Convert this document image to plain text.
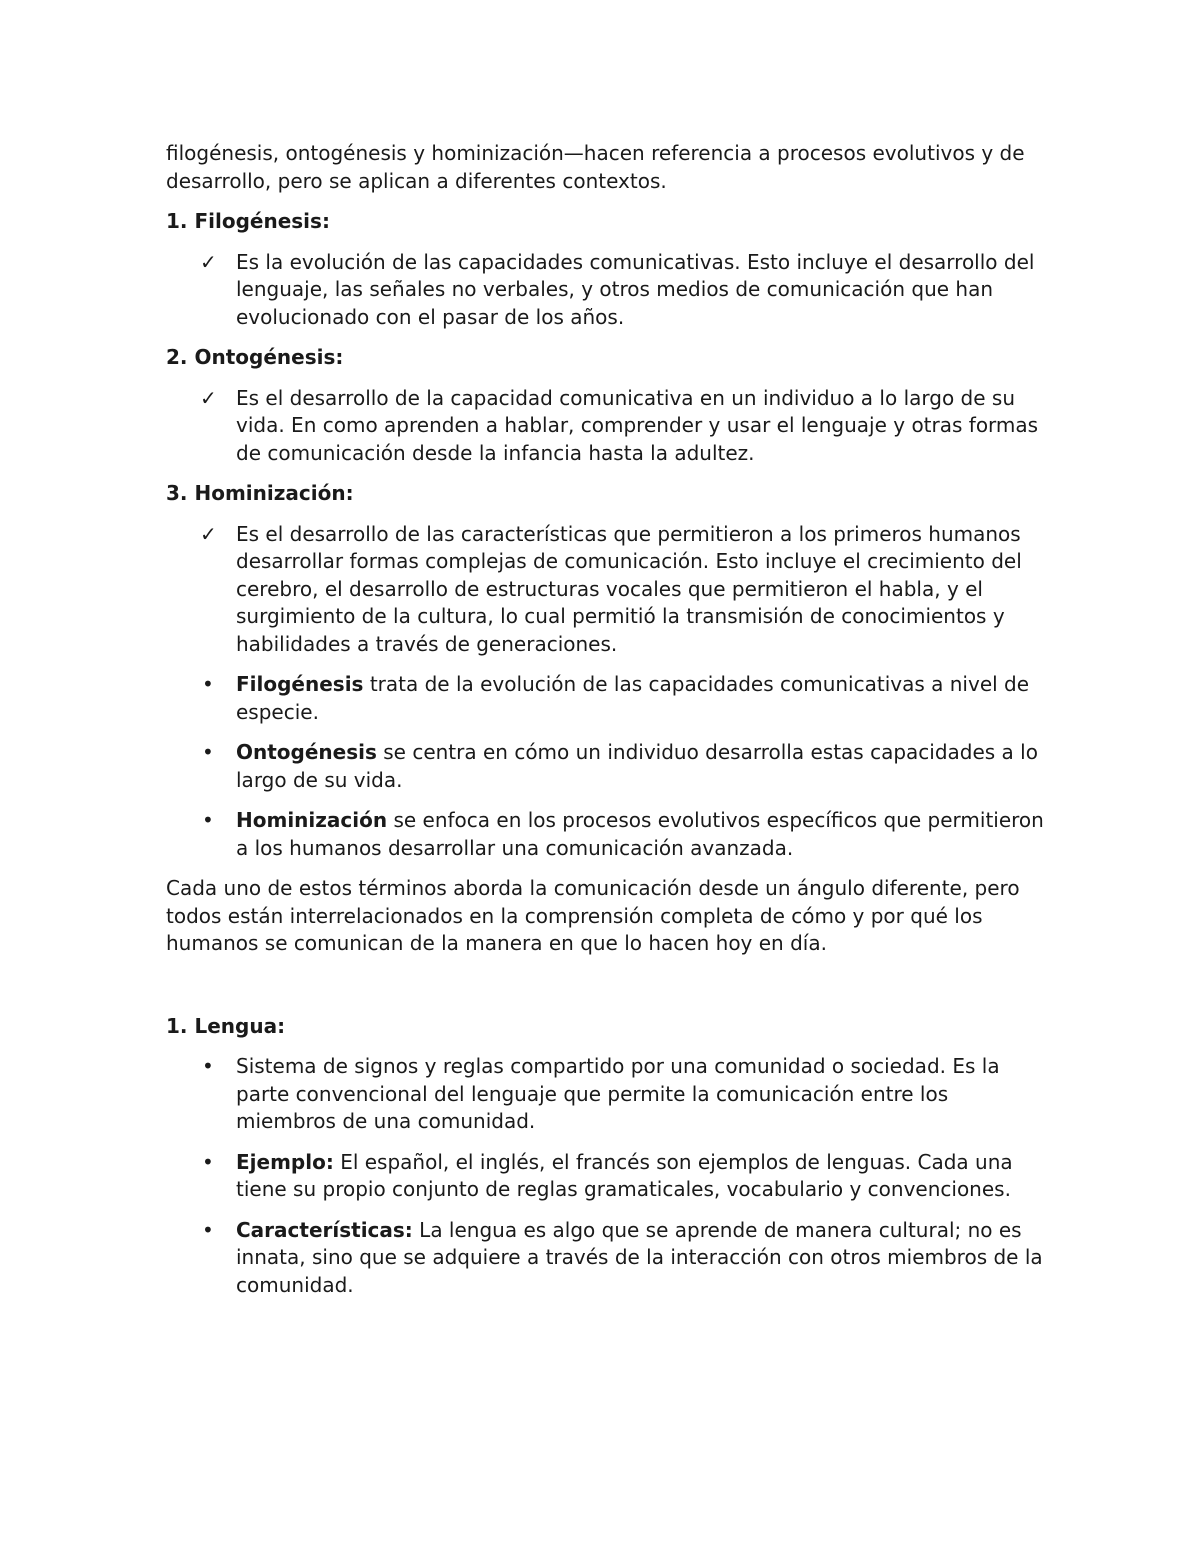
filogénesis, ontogénesis y hominización—hacen referencia a procesos evolutivos y de desarrollo, pero se aplican a diferentes contextos.

1. Filogénesis:

✓ Es la evolución de las capacidades comunicativas. Esto incluye el desarrollo del lenguaje, las señales no verbales, y otros medios de comunicación que han evolucionado con el pasar de los años.

2. Ontogénesis:

✓ Es el desarrollo de la capacidad comunicativa en un individuo a lo largo de su vida. En como aprenden a hablar, comprender y usar el lenguaje y otras formas de comunicación desde la infancia hasta la adultez.

3. Hominización:

✓ Es el desarrollo de las características que permitieron a los primeros humanos desarrollar formas complejas de comunicación. Esto incluye el crecimiento del cerebro, el desarrollo de estructuras vocales que permitieron el habla, y el surgimiento de la cultura, lo cual permitió la transmisión de conocimientos y habilidades a través de generaciones.
•	Filogénesis trata de la evolución de las capacidades comunicativas a nivel de especie.
•	Ontogénesis se centra en cómo un individuo desarrolla estas capacidades a lo largo de su vida.
•	Hominización se enfoca en los procesos evolutivos específicos que permitieron a los humanos desarrollar una comunicación avanzada.

Cada uno de estos términos aborda la comunicación desde un ángulo diferente, pero todos están interrelacionados en la comprensión completa de cómo y por qué los humanos se comunican de la manera en que lo hacen hoy en día.

1. Lengua:

•	Sistema de signos y reglas compartido por una comunidad o sociedad. Es la parte convencional del lenguaje que permite la comunicación entre los miembros de una comunidad.
•	Ejemplo: El español, el inglés, el francés son ejemplos de lenguas. Cada una tiene su propio conjunto de reglas gramaticales, vocabulario y convenciones.
•	Características: La lengua es algo que se aprende de manera cultural; no es innata, sino que se adquiere a través de la interacción con otros miembros de la comunidad.
